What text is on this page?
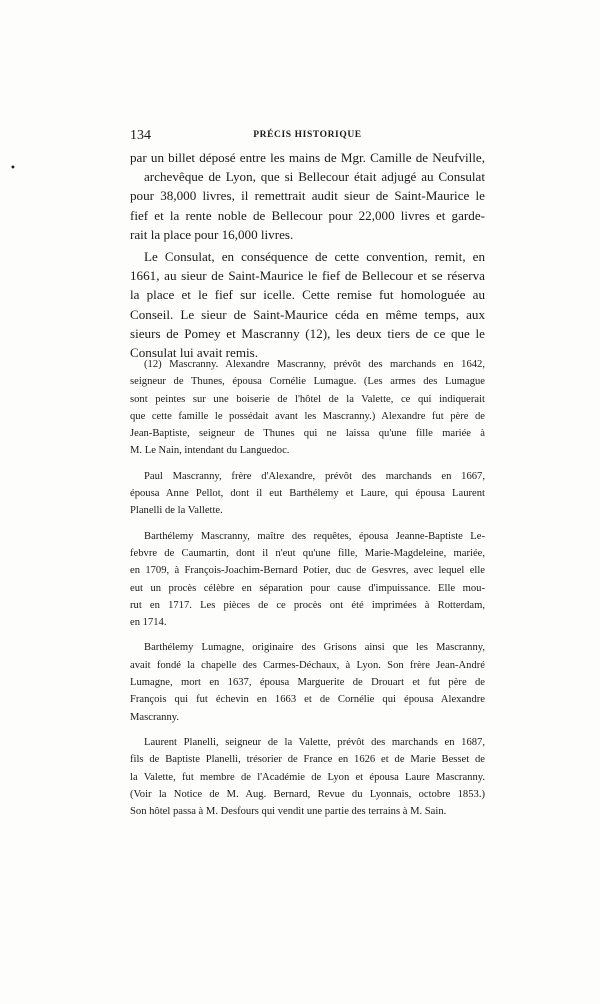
134	PRÉCIS HISTORIQUE
•

par un billet déposé entre les mains de Mgr. Camille de Neufville,
archevêque de Lyon, que si Bellecour était adjugé au Consulat
pour 38,000 livres, il remettrait audit sieur de Saint-Maurice le
fief et la rente noble de Bellecour pour 22,000 livres et garde-
rait la place pour 16,000 livres.

Le Consulat, en conséquence de cette convention, remit, en
1661, au sieur de Saint-Maurice le fief de Bellecour et se réserva
la place et le fief sur icelle. Cette remise fut homologuée au
Conseil. Le sieur de Saint-Maurice céda en même temps, aux
sieurs de Pomey et Mascranny (12), les deux tiers de ce que le
Consulat lui avait remis.

(12) Mascranny. Alexandre Mascranny, prévôt des marchands en 1642,
seigneur de Thunes, épousa Cornélie Lumague. (Les armes des Lumague
sont peintes sur une boiserie de l'hôtel de la Valette, ce qui indiquerait
que cette famille le possédait avant les Mascranny.) Alexandre fut père de
Jean-Baptiste, seigneur de Thunes qui ne laissa qu'une fille mariée à
M. Le Nain, intendant du Languedoc.
Paul Mascranny, frère d'Alexandre, prévôt des marchands en 1667,
épousa Anne Pellot, dont il eut Barthélemy et Laure, qui épousa Laurent
Planelli de la Vallette.
Barthélemy Mascranny, maître des requêtes, épousa Jeanne-Baptiste Le-
febvre de Caumartin, dont il n'eut qu'une fille, Marie-Magdeleine, mariée,
en 1709, à François-Joachim-Bernard Potier, duc de Gesvres, avec lequel elle
eut un procès célèbre en séparation pour cause d'impuissance. Elle mou-
rut en 1717. Les pièces de ce procès ont été imprimées à Rotterdam,
en 1714.
Barthélemy Lumagne, originaire des Grisons ainsi que les Mascranny,
avait fondé la chapelle des Carmes-Déchaux, à Lyon. Son frère Jean-André
Lumagne, mort en 1637, épousa Marguerite de Drouart et fut père de
François qui fut échevin en 1663 et de Cornélie qui épousa Alexandre
Mascranny.
Laurent Planelli, seigneur de la Valette, prévôt des marchands en 1687,
fils de Baptiste Planelli, trésorier de France en 1626 et de Marie Besset de
la Valette, fut membre de l'Académie de Lyon et épousa Laure Mascranny.
(Voir la Notice de M. Aug. Bernard, Revue du Lyonnais, octobre 1853.)
Son hôtel passa à M. Desfours qui vendit une partie des terrains à M. Sain.
